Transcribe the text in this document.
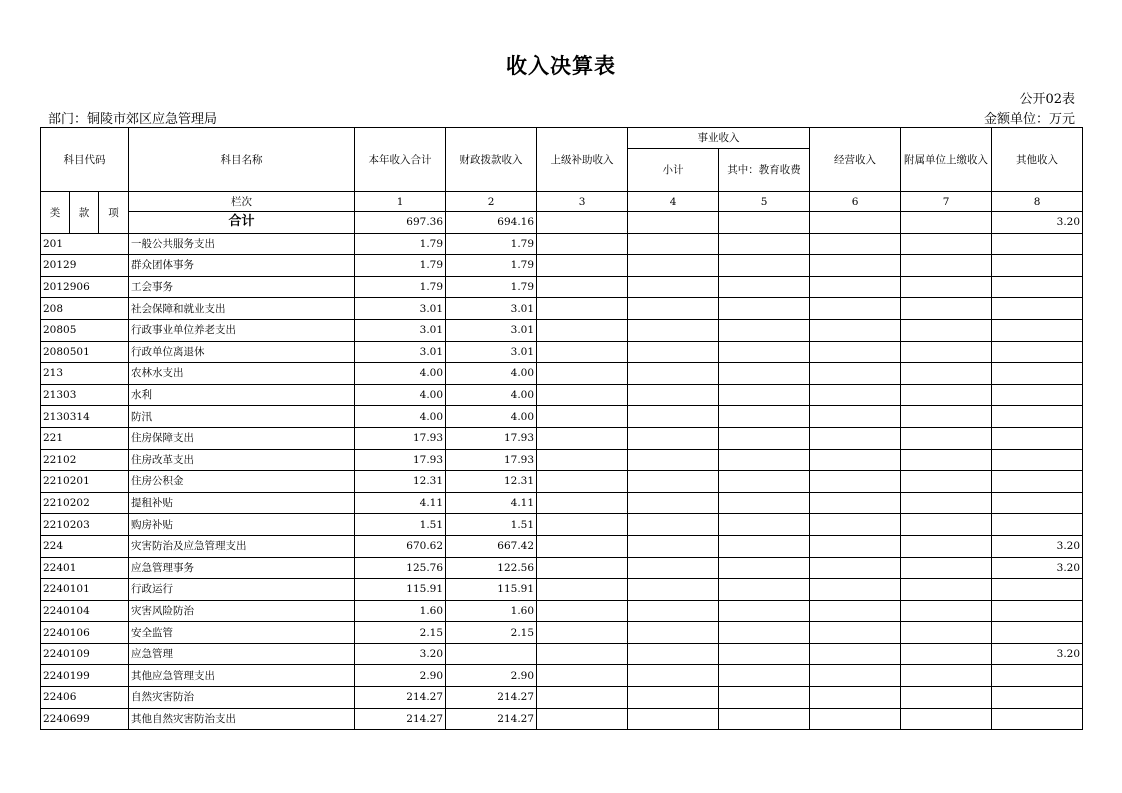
收入决算表
公开02表
部门：铜陵市郊区应急管理局	金额单位：万元
科目代码			科目名称	本年收入合计	财政拨款收入	上级补助收入	事业收入		经营收入	附属单位上缴收入	其他收入
							小计	其中：教育收费			
类	款	项	栏次	1	2	3	4	5	6	7	8
			合计	697.36	694.16						3.20
201			一般公共服务支出	1.79	1.79						
20129			群众团体事务	1.79	1.79						
2012906			工会事务	1.79	1.79						
208			社会保障和就业支出	3.01	3.01						
20805			行政事业单位养老支出	3.01	3.01						
2080501			行政单位离退休	3.01	3.01						
213			农林水支出	4.00	4.00						
21303			水利	4.00	4.00						
2130314			防汛	4.00	4.00						
221			住房保障支出	17.93	17.93						
22102			住房改革支出	17.93	17.93						
2210201			住房公积金	12.31	12.31						
2210202			提租补贴	4.11	4.11						
2210203			购房补贴	1.51	1.51						
224			灾害防治及应急管理支出	670.62	667.42						3.20
22401			应急管理事务	125.76	122.56						3.20
2240101			行政运行	115.91	115.91						
2240104			灾害风险防治	1.60	1.60						
2240106			安全监管	2.15	2.15						
2240109			应急管理	3.20							3.20
2240199			其他应急管理支出	2.90	2.90						
22406			自然灾害防治	214.27	214.27						
2240699			其他自然灾害防治支出	214.27	214.27						
